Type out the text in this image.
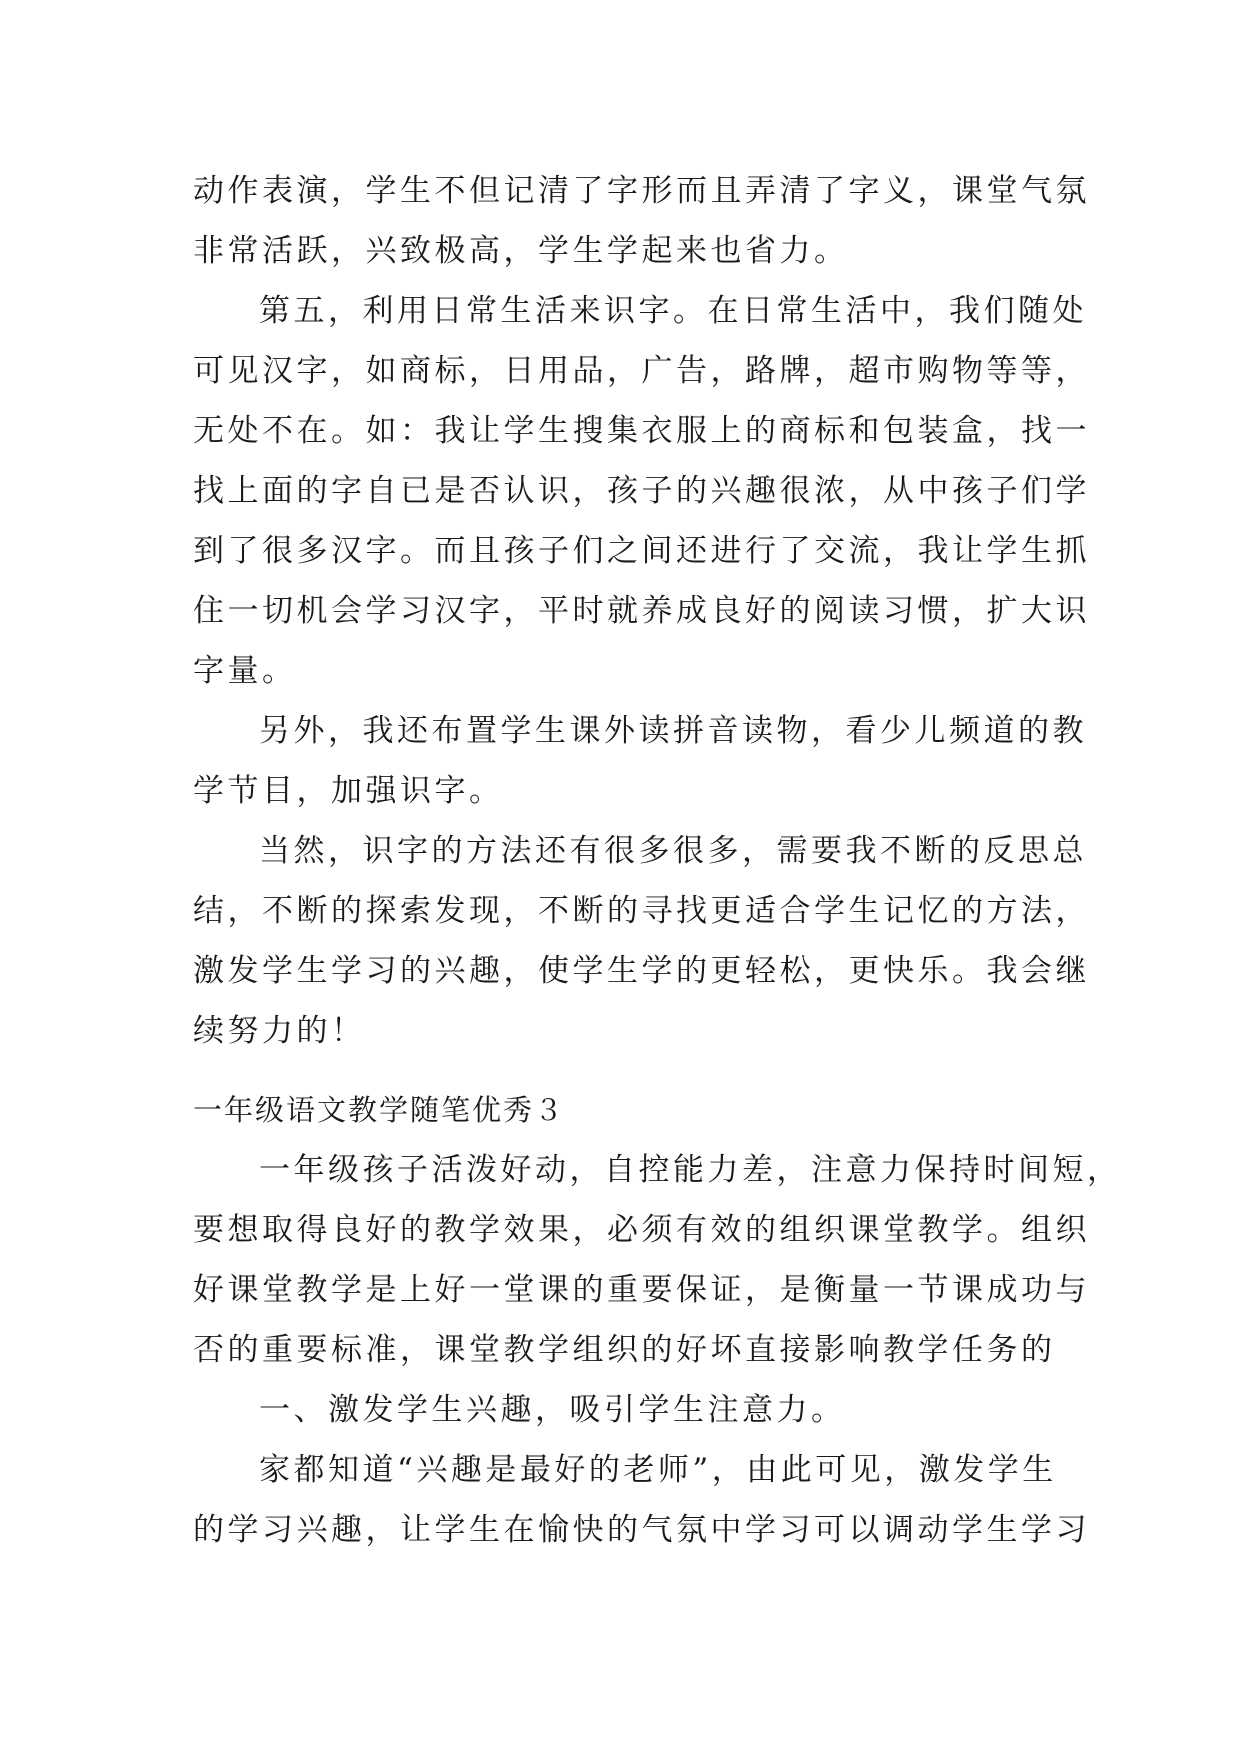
动作表演，学生不但记清了字形而且弄清了字义，课堂气氛
非常活跃，兴致极高，学生学起来也省力。
第五，利用日常生活来识字。在日常生活中，我们随处
可见汉字，如商标，日用品，广告，路牌，超市购物等等，
无处不在。如：我让学生搜集衣服上的商标和包装盒，找一
找上面的字自已是否认识，孩子的兴趣很浓，从中孩子们学
到了很多汉字。而且孩子们之间还进行了交流，我让学生抓
住一切机会学习汉字，平时就养成良好的阅读习惯，扩大识
字量。
另外，我还布置学生课外读拼音读物，看少儿频道的教
学节目，加强识字。
当然，识字的方法还有很多很多，需要我不断的反思总
结，不断的探索发现，不断的寻找更适合学生记忆的方法，
激发学生学习的兴趣，使学生学的更轻松，更快乐。我会继
续努力的！
一年级语文教学随笔优秀３
一年级孩子活泼好动，自控能力差，注意力保持时间短，
要想取得良好的教学效果，必须有效的组织课堂教学。组织
好课堂教学是上好一堂课的重要保证，是衡量一节课成功与
否的重要标准，课堂教学组织的好坏直接影响教学任务的
一、激发学生兴趣，吸引学生注意力。
家都知道“兴趣是最好的老师”，由此可见，激发学生
的学习兴趣，让学生在愉快的气氛中学习可以调动学生学习
